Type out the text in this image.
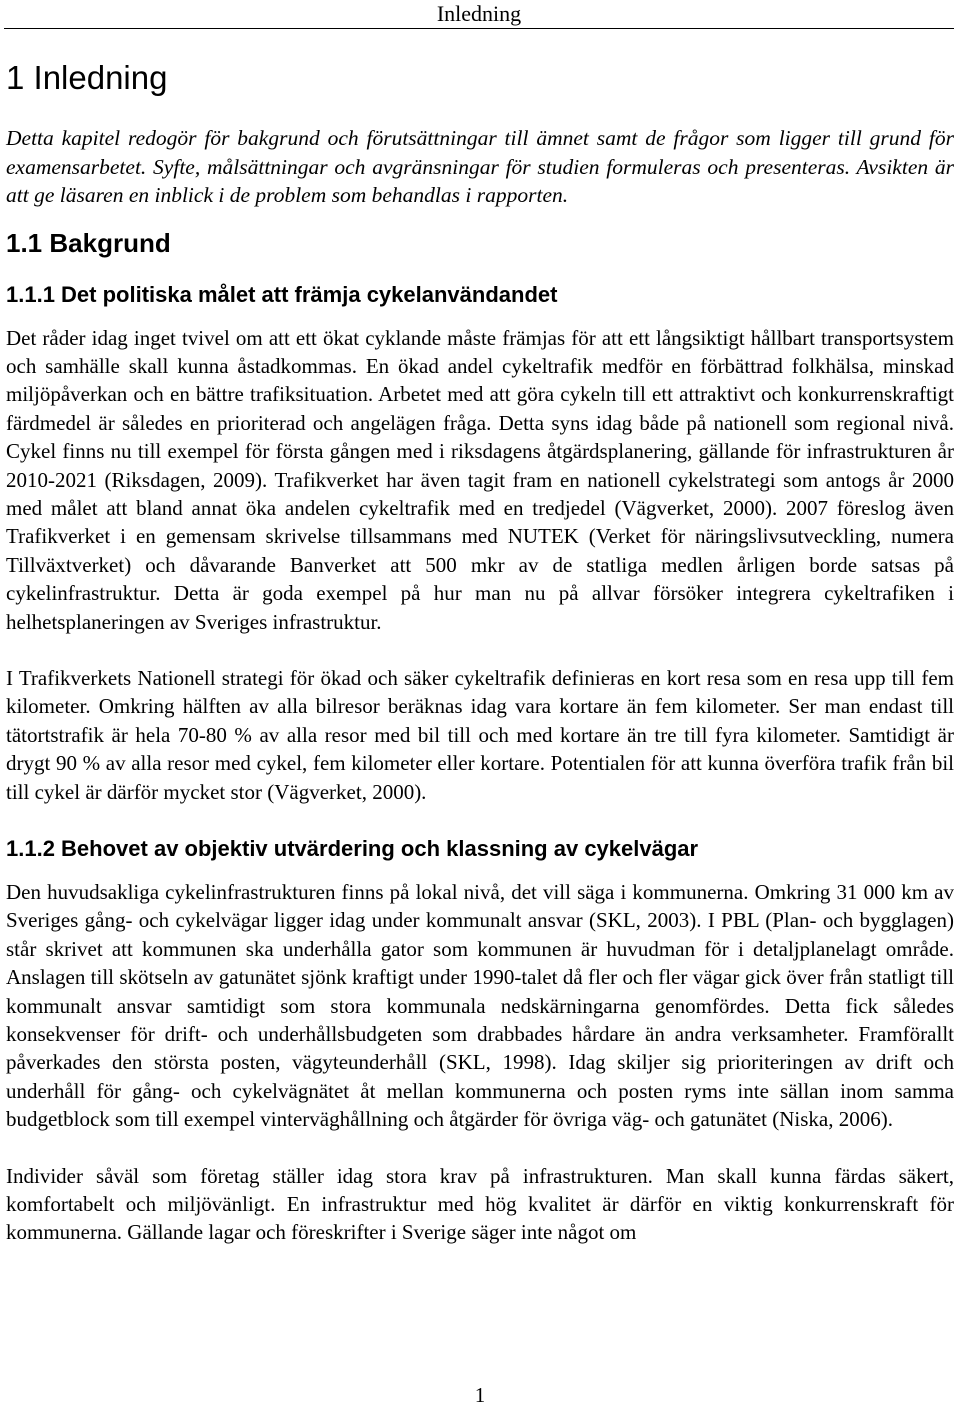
Inledning
1 Inledning

Detta kapitel redogör för bakgrund och förutsättningar till ämnet samt de frågor som ligger till grund för examensarbetet. Syfte, målsättningar och avgränsningar för studien formuleras och presenteras. Avsikten är att ge läsaren en inblick i de problem som behandlas i rapporten.

1.1 Bakgrund
1.1.1 Det politiska målet att främja cykelanvändandet

Det råder idag inget tvivel om att ett ökat cyklande måste främjas för att ett långsiktigt hållbart transportsystem och samhälle skall kunna åstadkommas. En ökad andel cykeltrafik medför en förbättrad folkhälsa, minskad miljöpåverkan och en bättre trafiksituation. Arbetet med att göra cykeln till ett attraktivt och konkurrenskraftigt färdmedel är således en prioriterad och angelägen fråga. Detta syns idag både på nationell som regional nivå. Cykel finns nu till exempel för första gången med i riksdagens åtgärdsplanering, gällande för infrastrukturen år 2010-2021 (Riksdagen, 2009). Trafikverket har även tagit fram en nationell cykelstrategi som antogs år 2000 med målet att bland annat öka andelen cykeltrafik med en tredjedel (Vägverket, 2000). 2007 föreslog även Trafikverket i en gemensam skrivelse tillsammans med NUTEK (Verket för näringslivsutveckling, numera Tillväxtverket) och dåvarande Banverket att 500 mkr av de statliga medlen årligen borde satsas på cykelinfrastruktur. Detta är goda exempel på hur man nu på allvar försöker integrera cykeltrafiken i helhetsplaneringen av Sveriges infrastruktur.

I Trafikverkets Nationell strategi för ökad och säker cykeltrafik definieras en kort resa som en resa upp till fem kilometer. Omkring hälften av alla bilresor beräknas idag vara kortare än fem kilometer. Ser man endast till tätortstrafik är hela 70-80 % av alla resor med bil till och med kortare än tre till fyra kilometer. Samtidigt är drygt 90 % av alla resor med cykel, fem kilometer eller kortare. Potentialen för att kunna överföra trafik från bil till cykel är därför mycket stor (Vägverket, 2000).

1.1.2 Behovet av objektiv utvärdering och klassning av cykelvägar

Den huvudsakliga cykelinfrastrukturen finns på lokal nivå, det vill säga i kommunerna. Omkring 31 000 km av Sveriges gång- och cykelvägar ligger idag under kommunalt ansvar (SKL, 2003). I PBL (Plan- och bygglagen) står skrivet att kommunen ska underhålla gator som kommunen är huvudman för i detaljplanelagt område. Anslagen till skötseln av gatunätet sjönk kraftigt under 1990-talet då fler och fler vägar gick över från statligt till kommunalt ansvar samtidigt som stora kommunala nedskärningarna genomfördes. Detta fick således konsekvenser för drift- och underhållsbudgeten som drabbades hårdare än andra verksamheter. Framförallt påverkades den största posten, vägyteunderhåll (SKL, 1998). Idag skiljer sig prioriteringen av drift och underhåll för gång- och cykelvägnätet åt mellan kommunerna och posten ryms inte sällan inom samma budgetblock som till exempel vinterväghållning och åtgärder för övriga väg- och gatunätet (Niska, 2006).

Individer såväl som företag ställer idag stora krav på infrastrukturen. Man skall kunna färdas säkert, komfortabelt och miljövänligt. En infrastruktur med hög kvalitet är därför en viktig konkurrenskraft för kommunerna. Gällande lagar och föreskrifter i Sverige säger inte något om

1
